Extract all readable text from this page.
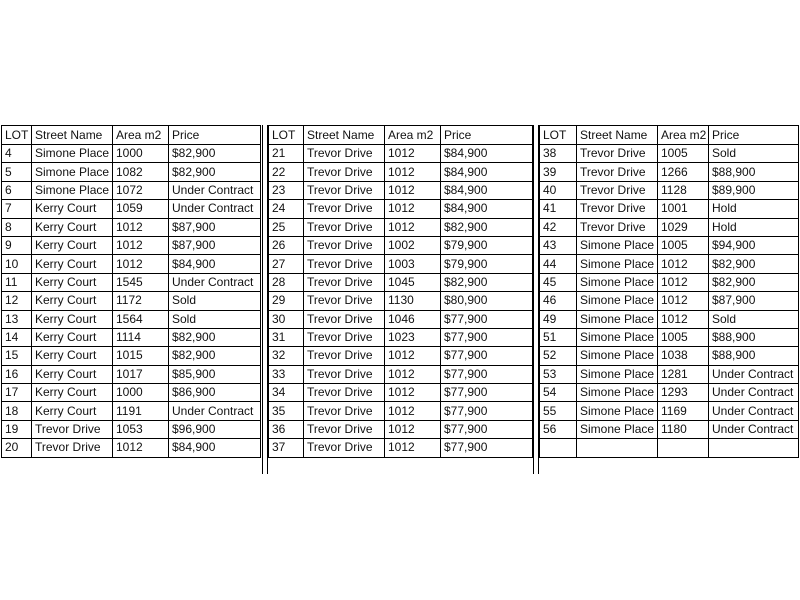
LOT	Street Name	Area m2	Price
4	Simone Place	1000	$82,900
5	Simone Place	1082	$82,900
6	Simone Place	1072	Under Contract
7	Kerry Court	1059	Under Contract
8	Kerry Court	1012	$87,900
9	Kerry Court	1012	$87,900
10	Kerry Court	1012	$84,900
11	Kerry Court	1545	Under Contract
12	Kerry Court	1172	Sold
13	Kerry Court	1564	Sold
14	Kerry Court	1114	$82,900
15	Kerry Court	1015	$82,900
16	Kerry Court	1017	$85,900
17	Kerry Court	1000	$86,900
18	Kerry Court	1191	Under Contract
19	Trevor Drive	1053	$96,900
20	Trevor Drive	1012	$84,900
LOT	Street Name	Area m2	Price
21	Trevor Drive	1012	$84,900
22	Trevor Drive	1012	$84,900
23	Trevor Drive	1012	$84,900
24	Trevor Drive	1012	$84,900
25	Trevor Drive	1012	$82,900
26	Trevor Drive	1002	$79,900
27	Trevor Drive	1003	$79,900
28	Trevor Drive	1045	$82,900
29	Trevor Drive	1130	$80,900
30	Trevor Drive	1046	$77,900
31	Trevor Drive	1023	$77,900
32	Trevor Drive	1012	$77,900
33	Trevor Drive	1012	$77,900
34	Trevor Drive	1012	$77,900
35	Trevor Drive	1012	$77,900
36	Trevor Drive	1012	$77,900
37	Trevor Drive	1012	$77,900
LOT	Street Name	Area m2	Price
38	Trevor Drive	1005	Sold
39	Trevor Drive	1266	$88,900
40	Trevor Drive	1128	$89,900
41	Trevor Drive	1001	Hold
42	Trevor Drive	1029	Hold
43	Simone Place	1005	$94,900
44	Simone Place	1012	$82,900
45	Simone Place	1012	$82,900
46	Simone Place	1012	$87,900
49	Simone Place	1012	Sold
51	Simone Place	1005	$88,900
52	Simone Place	1038	$88,900
53	Simone Place	1281	Under Contract
54	Simone Place	1293	Under Contract
55	Simone Place	1169	Under Contract
56	Simone Place	1180	Under Contract
